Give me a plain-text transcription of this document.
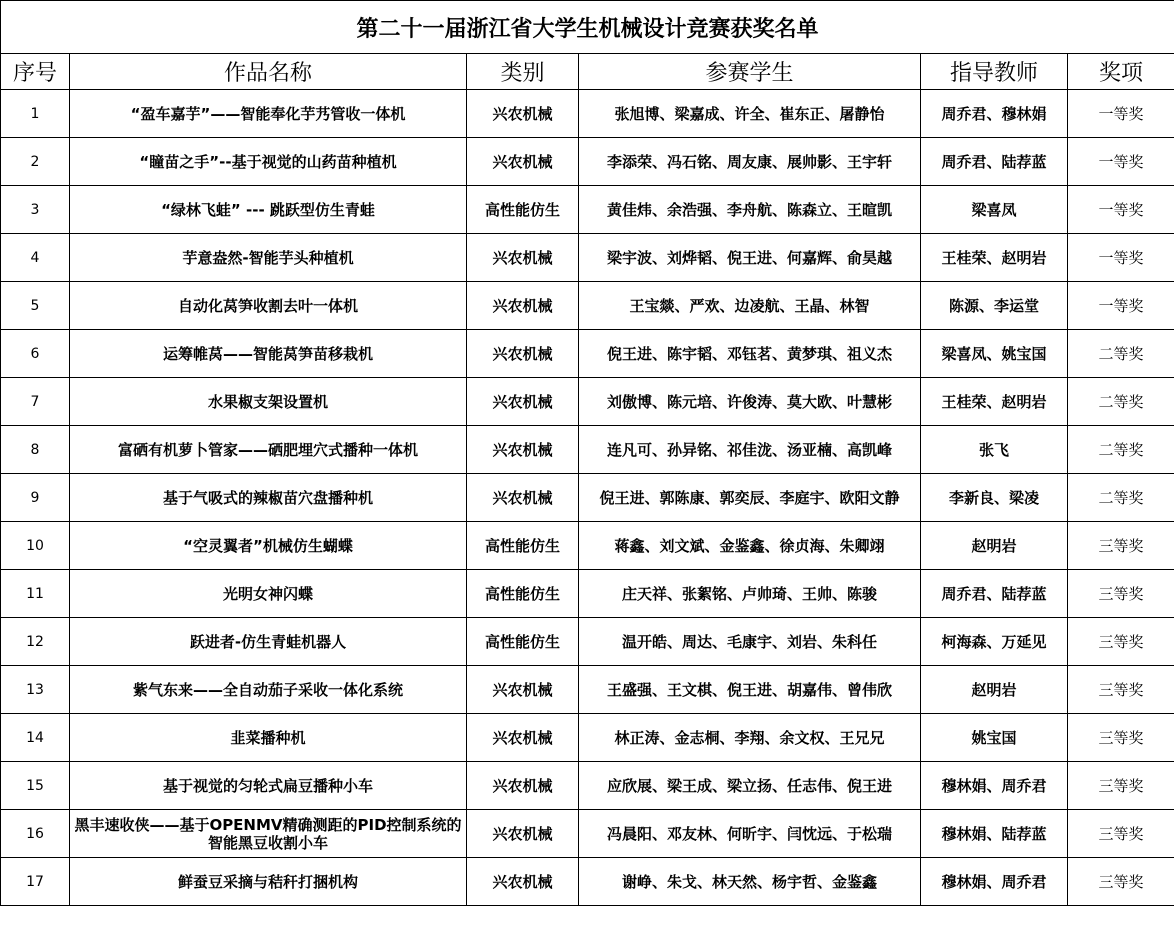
第二十一届浙江省大学生机械设计竞赛获奖名单					
序号	作品名称	类别	参赛学生	指导教师	奖项
1	“盈车嘉芋”——智能奉化芋艿管收一体机	兴农机械	张旭博、梁嘉成、许全、崔东正、屠静怡	周乔君、穆林娟	一等奖
2	“瞳苗之手”--基于视觉的山药苗种植机	兴农机械	李添荣、冯石铭、周友康、展帅影、王宇轩	周乔君、陆荐蓝	一等奖
3	“绿林飞蛙” --- 跳跃型仿生青蛙	高性能仿生	黄佳炜、余浩强、李舟航、陈森立、王暄凯	梁喜凤	一等奖
4	芋意盎然-智能芋头种植机	兴农机械	梁宇波、刘烨韬、倪王进、何嘉辉、俞昊越	王桂荣、赵明岩	一等奖
5	自动化莴笋收割去叶一体机	兴农机械	王宝燚、严欢、边凌航、王晶、林智	陈源、李运堂	一等奖
6	运筹帷莴——智能莴笋苗移栽机	兴农机械	倪王进、陈宇韬、邓钰茗、黄梦琪、祖义杰	梁喜凤、姚宝国	二等奖
7	水果椒支架设置机	兴农机械	刘傲博、陈元培、许俊涛、莫大欧、叶慧彬	王桂荣、赵明岩	二等奖
8	富硒有机萝卜管家——硒肥埋穴式播种一体机	兴农机械	连凡可、孙异铭、祁佳泷、汤亚楠、高凯峰	张飞	二等奖
9	基于气吸式的辣椒苗穴盘播种机	兴农机械	倪王进、郭陈康、郭奕辰、李庭宇、欧阳文静	李新良、梁凌	二等奖
10	“空灵翼者”机械仿生蝴蝶	高性能仿生	蒋鑫、刘文斌、金鉴鑫、徐贞海、朱卿翊	赵明岩	三等奖
11	光明女神闪蝶	高性能仿生	庄天祥、张絮铭、卢帅琦、王帅、陈骏	周乔君、陆荐蓝	三等奖
12	跃进者-仿生青蛙机器人	高性能仿生	温开皓、周达、毛康宇、刘岩、朱科任	柯海森、万延见	三等奖
13	紫气东来——全自动茄子采收一体化系统	兴农机械	王盛强、王文棋、倪王进、胡嘉伟、曾伟欣	赵明岩	三等奖
14	韭菜播种机	兴农机械	林正涛、金志桐、李翔、余文权、王兄兄	姚宝国	三等奖
15	基于视觉的匀轮式扁豆播种小车	兴农机械	应欣展、梁王成、梁立扬、任志伟、倪王进	穆林娟、周乔君	三等奖
16	黑丰速收侠——基于OPENMV精确测距的PID控制系统的智能黑豆收割小车	兴农机械	冯晨阳、邓友林、何昕宇、闫忱远、于松瑞	穆林娟、陆荐蓝	三等奖
17	鲜蚕豆采摘与秸秆打捆机构	兴农机械	谢峥、朱戈、林天然、杨宇哲、金鉴鑫	穆林娟、周乔君	三等奖
